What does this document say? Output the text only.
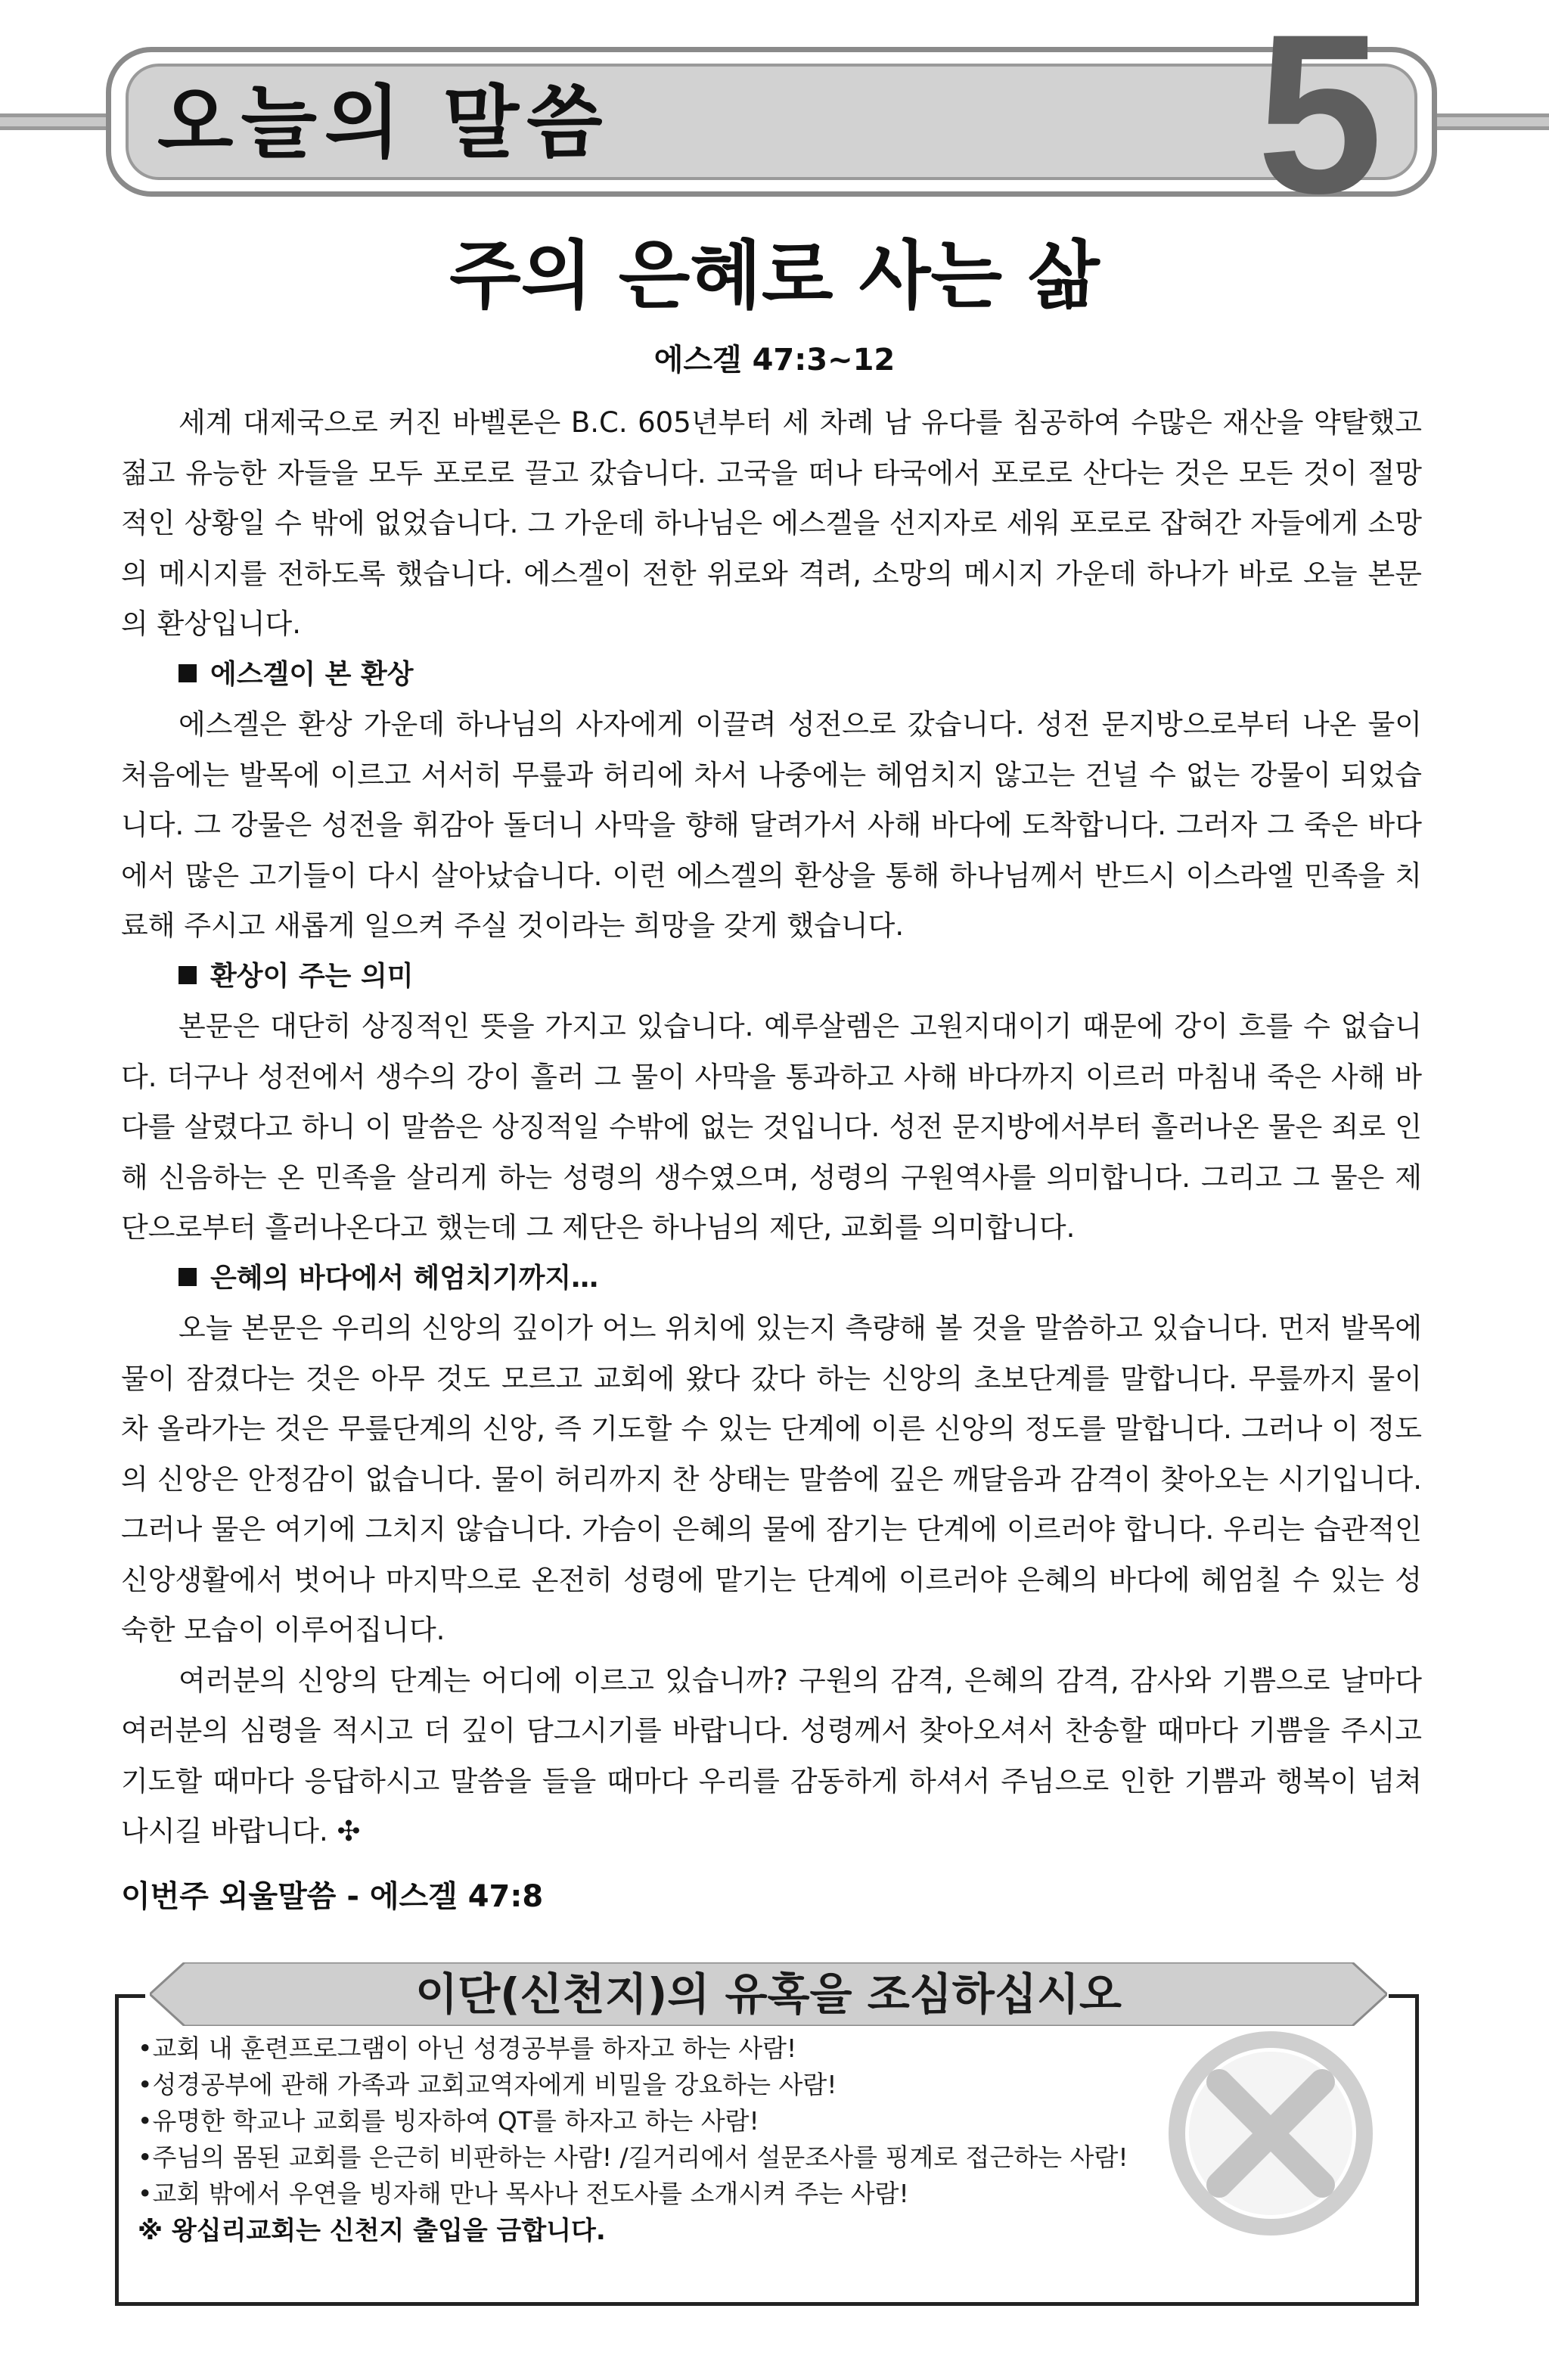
오늘의 말씀	5
주의 은혜로 사는 삶
에스겔 47:3~12

세계 대제국으로 커진 바벨론은 B.C. 605년부터 세 차례 남 유다를 침공하여 수많은 재산을 약탈했고 젊고 유능한 자들을 모두 포로로 끌고 갔습니다. 고국을 떠나 타국에서 포로로 산다는 것은 모든 것이 절망적인 상황일 수 밖에 없었습니다. 그 가운데 하나님은 에스겔을 선지자로 세워 포로로 잡혀간 자들에게 소망의 메시지를 전하도록 했습니다. 에스겔이 전한 위로와 격려, 소망의 메시지 가운데 하나가 바로 오늘 본문의 환상입니다.

에스겔이 본 환상

에스겔은 환상 가운데 하나님의 사자에게 이끌려 성전으로 갔습니다. 성전 문지방으로부터 나온 물이 처음에는 발목에 이르고 서서히 무릎과 허리에 차서 나중에는 헤엄치지 않고는 건널 수 없는 강물이 되었습니다. 그 강물은 성전을 휘감아 돌더니 사막을 향해 달려가서 사해 바다에 도착합니다. 그러자 그 죽은 바다에서 많은 고기들이 다시 살아났습니다. 이런 에스겔의 환상을 통해 하나님께서 반드시 이스라엘 민족을 치료해 주시고 새롭게 일으켜 주실 것이라는 희망을 갖게 했습니다.

환상이 주는 의미

본문은 대단히 상징적인 뜻을 가지고 있습니다. 예루살렘은 고원지대이기 때문에 강이 흐를 수 없습니다. 더구나 성전에서 생수의 강이 흘러 그 물이 사막을 통과하고 사해 바다까지 이르러 마침내 죽은 사해 바다를 살렸다고 하니 이 말씀은 상징적일 수밖에 없는 것입니다. 성전 문지방에서부터 흘러나온 물은 죄로 인해 신음하는 온 민족을 살리게 하는 성령의 생수였으며, 성령의 구원역사를 의미합니다. 그리고 그 물은 제단으로부터 흘러나온다고 했는데 그 제단은 하나님의 제단, 교회를 의미합니다.

은혜의 바다에서 헤엄치기까지…

오늘 본문은 우리의 신앙의 깊이가 어느 위치에 있는지 측량해 볼 것을 말씀하고 있습니다. 먼저 발목에 물이 잠겼다는 것은 아무 것도 모르고 교회에 왔다 갔다 하는 신앙의 초보단계를 말합니다. 무릎까지 물이 차 올라가는 것은 무릎단계의 신앙, 즉 기도할 수 있는 단계에 이른 신앙의 정도를 말합니다. 그러나 이 정도의 신앙은 안정감이 없습니다. 물이 허리까지 찬 상태는 말씀에 깊은 깨달음과 감격이 찾아오는 시기입니다. 그러나 물은 여기에 그치지 않습니다. 가슴이 은혜의 물에 잠기는 단계에 이르러야 합니다. 우리는 습관적인 신앙생활에서 벗어나 마지막으로 온전히 성령에 맡기는 단계에 이르러야 은혜의 바다에 헤엄칠 수 있는 성숙한 모습이 이루어집니다.

여러분의 신앙의 단계는 어디에 이르고 있습니까? 구원의 감격, 은혜의 감격, 감사와 기쁨으로 날마다 여러분의 심령을 적시고 더 깊이 담그시기를 바랍니다. 성령께서 찾아오셔서 찬송할 때마다 기쁨을 주시고 기도할 때마다 응답하시고 말씀을 들을 때마다 우리를 감동하게 하셔서 주님으로 인한 기쁨과 행복이 넘쳐 나시길 바랍니다. ✣

이번주 외울말씀 - 에스겔 47:8
이단(신천지)의 유혹을 조심하십시오
•교회 내 훈련프로그램이 아닌 성경공부를 하자고 하는 사람!
•성경공부에 관해 가족과 교회교역자에게 비밀을 강요하는 사람!
•유명한 학교나 교회를 빙자하여 QT를 하자고 하는 사람!
•주님의 몸된 교회를 은근히 비판하는 사람! /길거리에서 설문조사를 핑계로 접근하는 사람!
•교회 밖에서 우연을 빙자해 만나 목사나 전도사를 소개시켜 주는 사람!
※ 왕십리교회는 신천지 출입을 금합니다.
